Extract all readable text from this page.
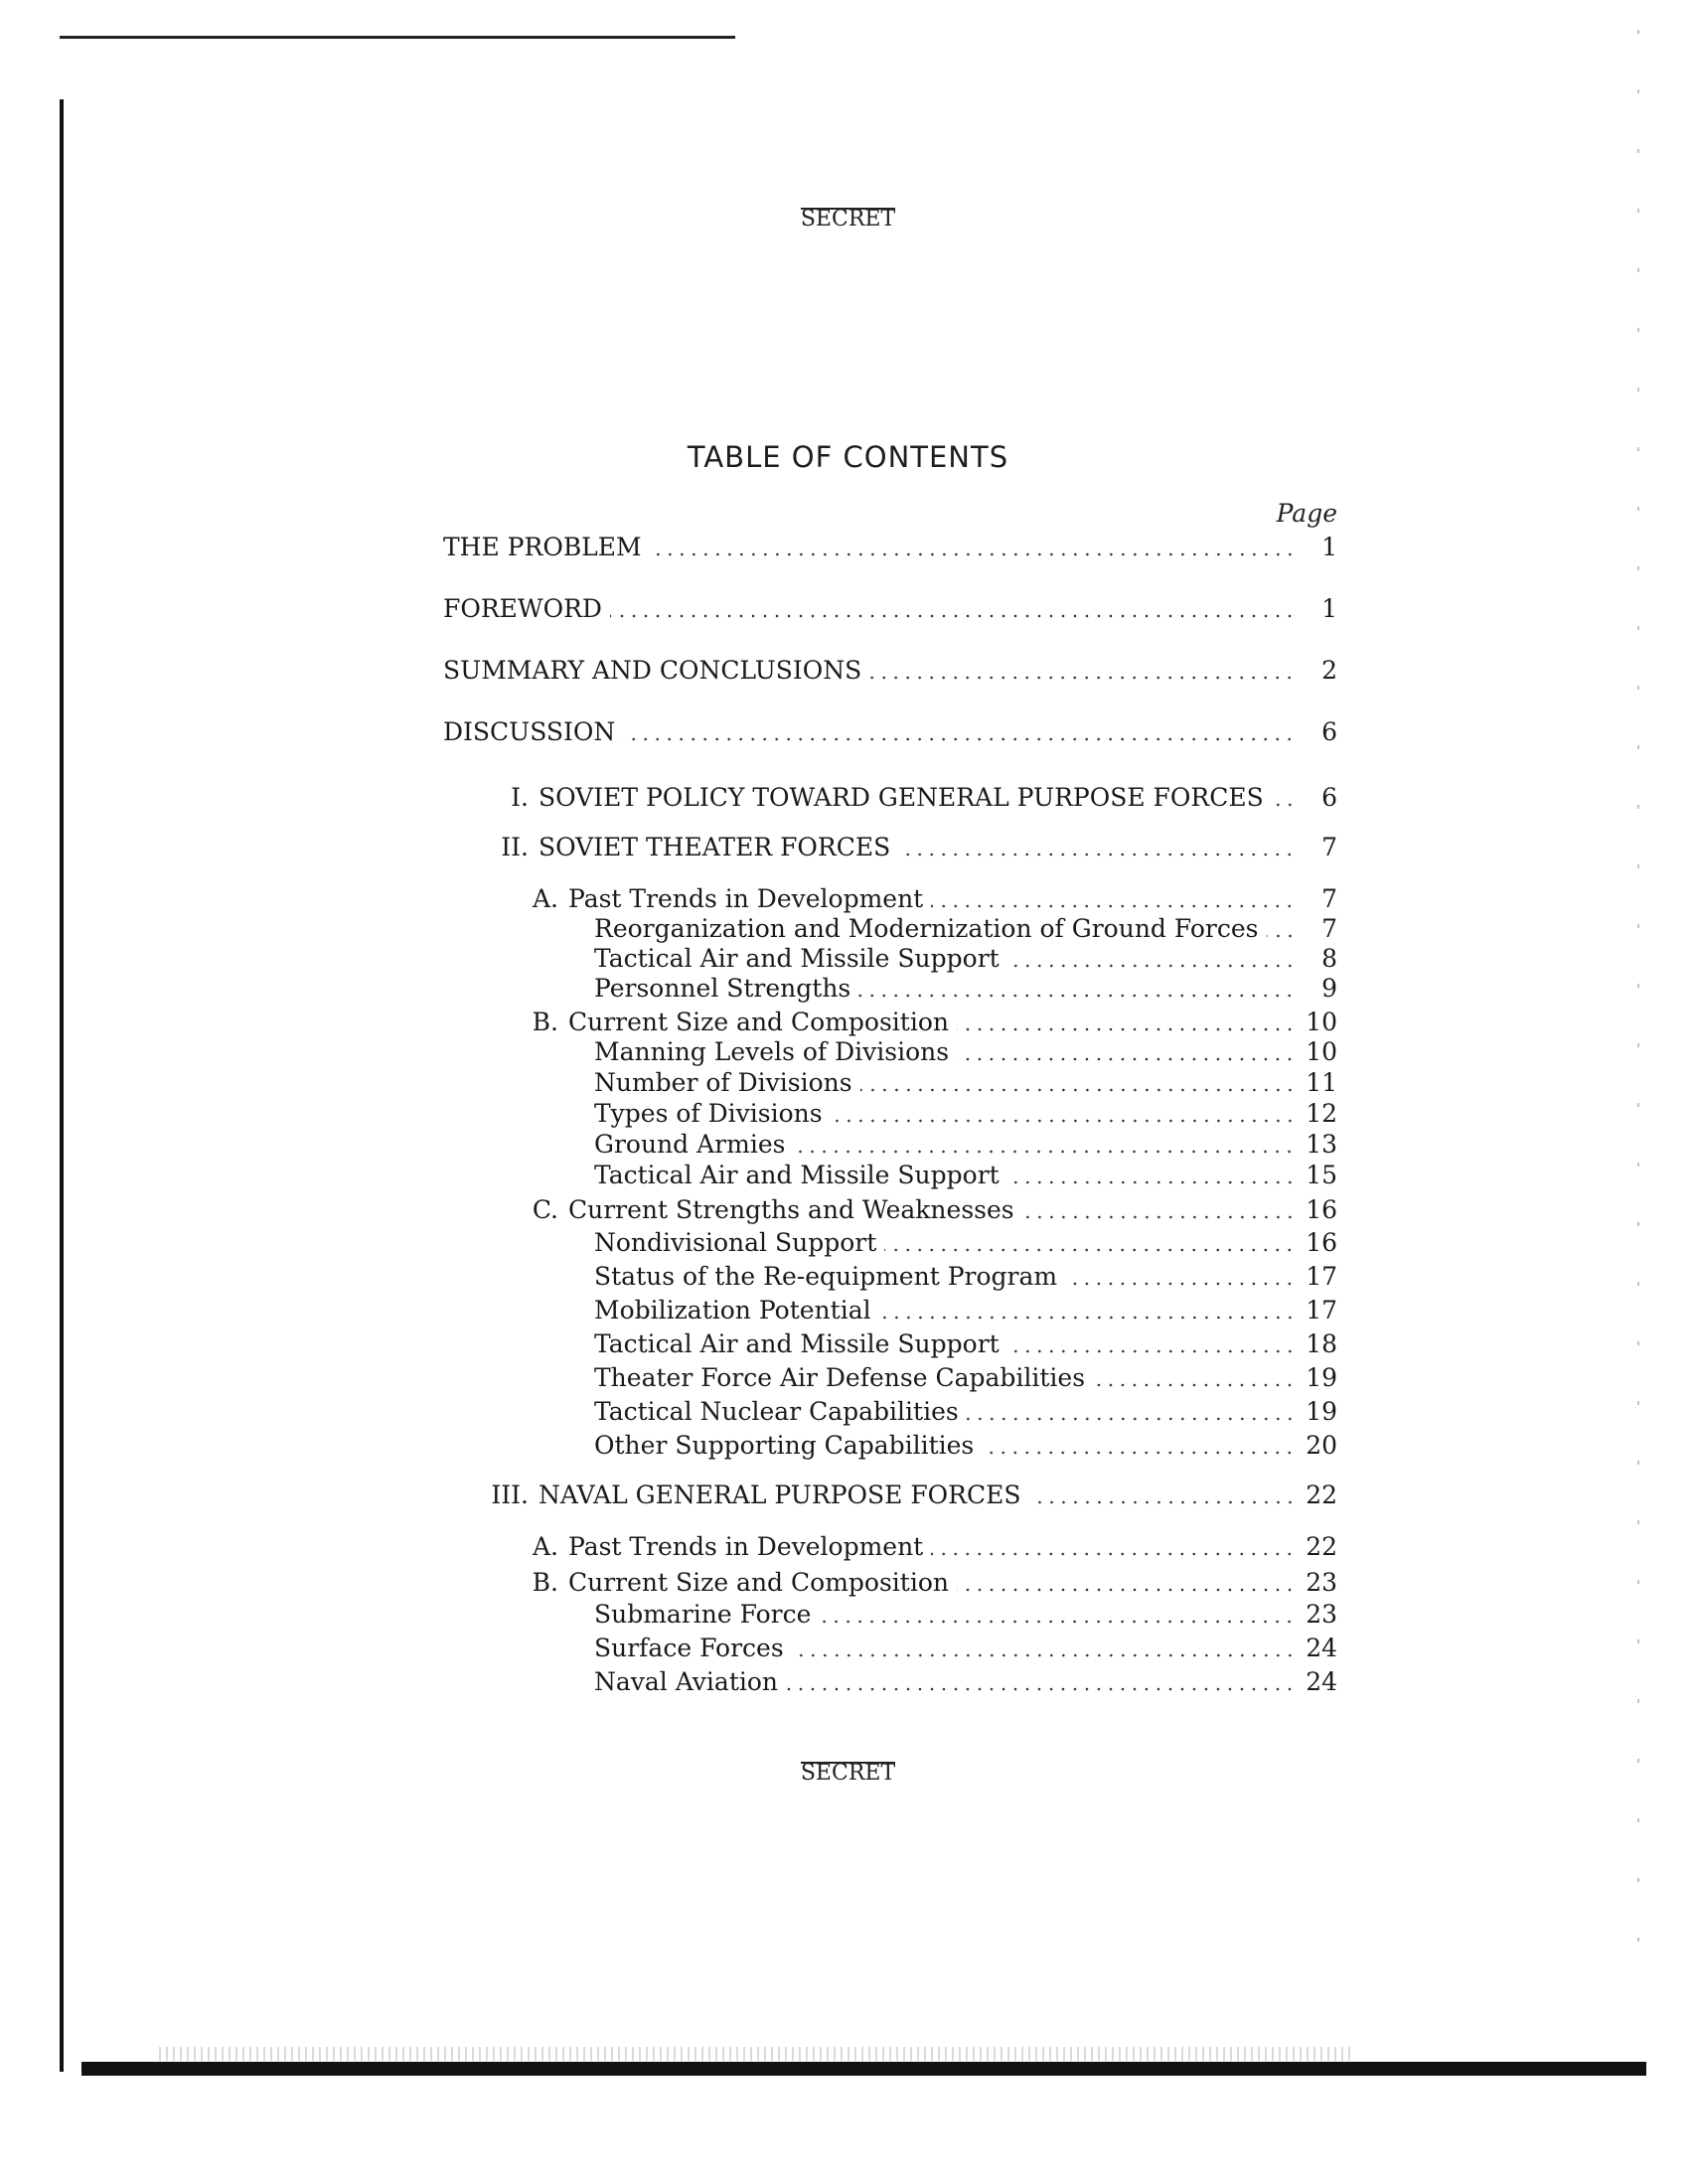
SECRET
TABLE OF CONTENTS
Page
THE PROBLEM	1
FOREWORD	1
SUMMARY AND CONCLUSIONS	2
DISCUSSION	6
I. SOVIET POLICY TOWARD GENERAL PURPOSE FORCES	6
II. SOVIET THEATER FORCES	7
A. Past Trends in Development	7
Reorganization and Modernization of Ground Forces	7
Tactical Air and Missile Support	8
Personnel Strengths	9
B. Current Size and Composition	10
Manning Levels of Divisions	10
Number of Divisions	11
Types of Divisions	12
Ground Armies	13
Tactical Air and Missile Support	15
C. Current Strengths and Weaknesses	16
Nondivisional Support	16
Status of the Re-equipment Program	17
Mobilization Potential	17
Tactical Air and Missile Support	18
Theater Force Air Defense Capabilities	19
Tactical Nuclear Capabilities	19
Other Supporting Capabilities	20
III. NAVAL GENERAL PURPOSE FORCES	22
A. Past Trends in Development	22
B. Current Size and Composition	23
Submarine Force	23
Surface Forces	24
Naval Aviation	24
SECRET
